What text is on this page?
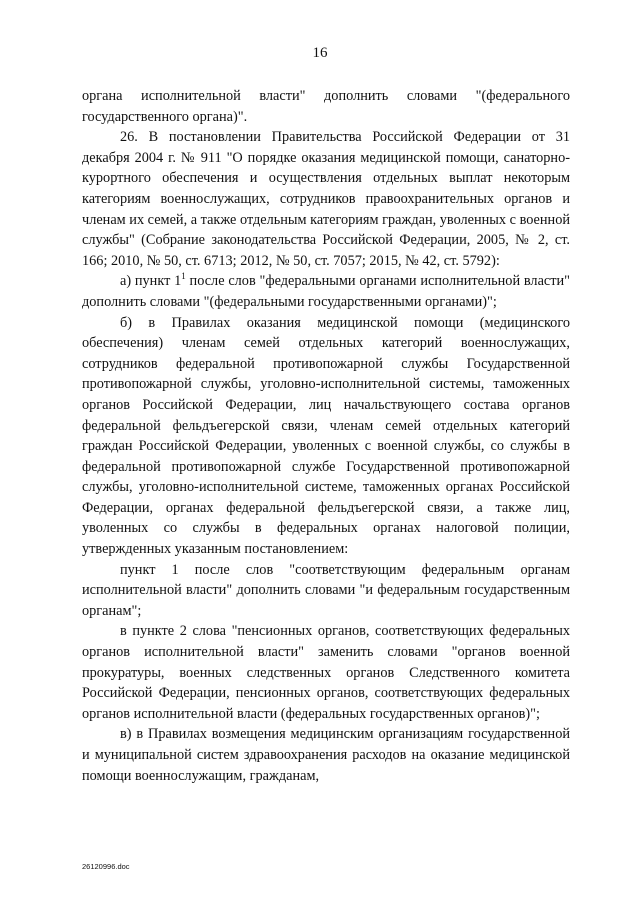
16

органа исполнительной власти" дополнить словами "(федерального государственного органа)".

26. В постановлении Правительства Российской Федерации от 31 декабря 2004 г. № 911 "О порядке оказания медицинской помощи, санаторно-курортного обеспечения и осуществления отдельных выплат некоторым категориям военнослужащих, сотрудников правоохранительных органов и членам их семей, а также отдельным категориям граждан, уволенных с военной службы" (Собрание законодательства Российской Федерации, 2005, № 2, ст. 166; 2010, № 50, ст. 6713; 2012, № 50, ст. 7057; 2015, № 42, ст. 5792):

а) пункт $1^1$ после слов "федеральными органами исполнительной власти" дополнить словами "(федеральными государственными органами)";

б) в Правилах оказания медицинской помощи (медицинского обеспечения) членам семей отдельных категорий военнослужащих, сотрудников федеральной противопожарной службы Государственной противопожарной службы, уголовно-исполнительной системы, таможенных органов Российской Федерации, лиц начальствующего состава органов федеральной фельдъегерской связи, членам семей отдельных категорий граждан Российской Федерации, уволенных с военной службы, со службы в федеральной противопожарной службе Государственной противопожарной службы, уголовно-исполнительной системе, таможенных органах Российской Федерации, органах федеральной фельдъегерской связи, а также лиц, уволенных со службы в федеральных органах налоговой полиции, утвержденных указанным постановлением:

пункт 1 после слов "соответствующим федеральным органам исполнительной власти" дополнить словами "и федеральным государственным органам";

в пункте 2 слова "пенсионных органов, соответствующих федеральных органов исполнительной власти" заменить словами "органов военной прокуратуры, военных следственных органов Следственного комитета Российской Федерации, пенсионных органов, соответствующих федеральных органов исполнительной власти (федеральных государственных органов)";

в) в Правилах возмещения медицинским организациям государственной и муниципальной систем здравоохранения расходов на оказание медицинской помощи военнослужащим, гражданам,

26120996.doc
